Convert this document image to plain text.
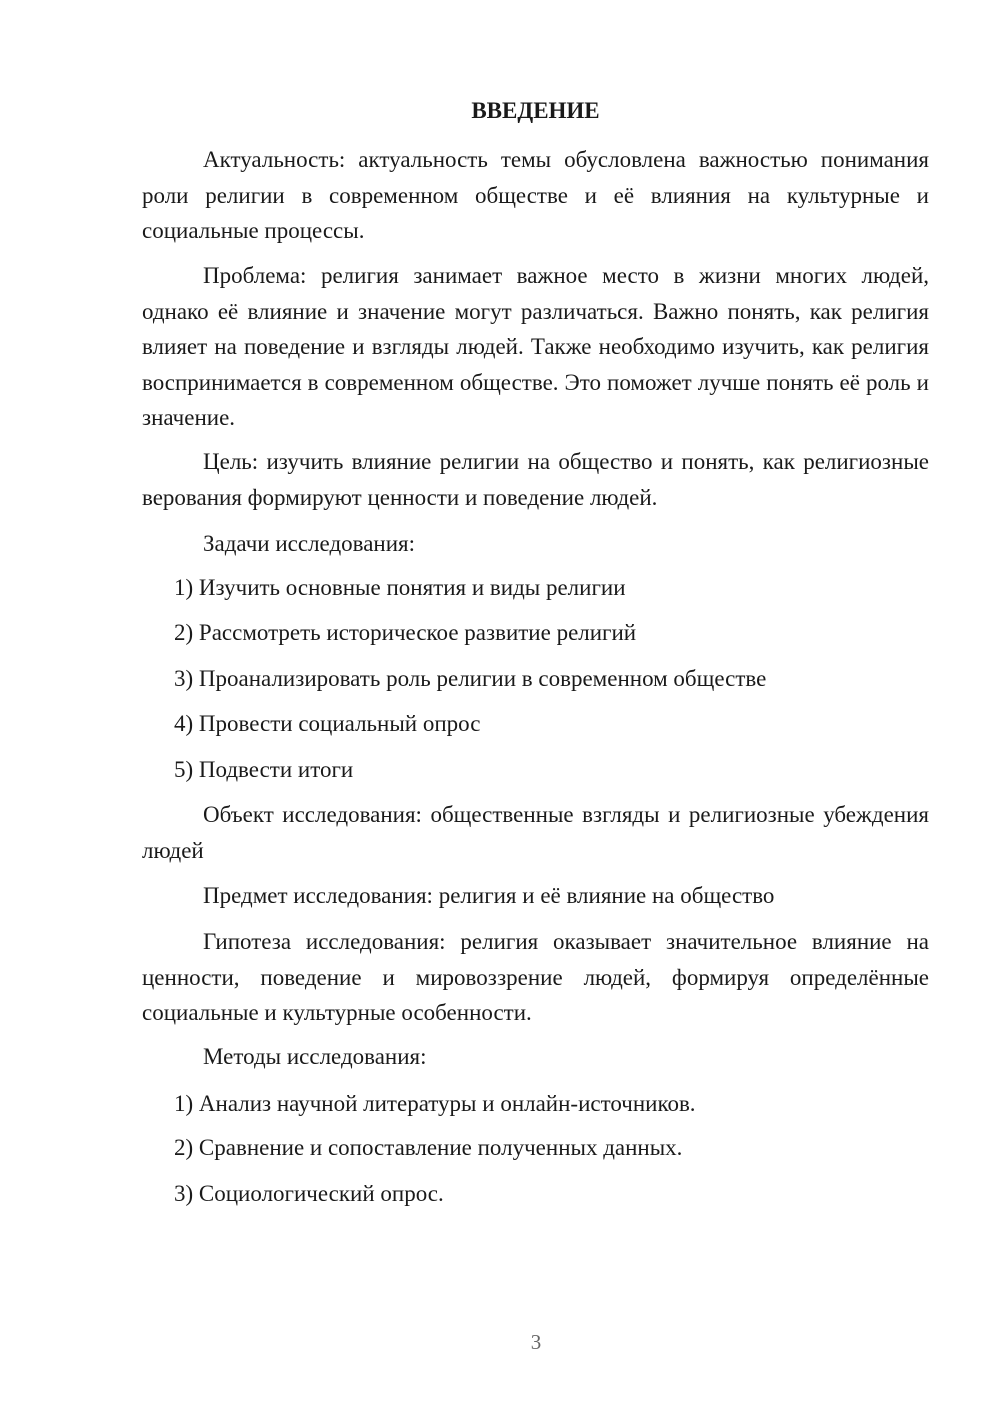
ВВЕДЕНИЕ

Актуальность: актуальность темы обусловлена важностью понимания роли религии в современном обществе и её влияния на культурные и социальные процессы.

Проблема: религия занимает важное место в жизни многих людей, однако её влияние и значение могут различаться. Важно понять, как религия влияет на поведение и взгляды людей. Также необходимо изучить, как религия воспринимается в современном обществе. Это поможет лучше понять её роль и значение.

Цель: изучить влияние религии на общество и понять, как религиозные верования формируют ценности и поведение людей.

Задачи исследования:
1) Изучить основные понятия и виды религии
2) Рассмотреть историческое развитие религий
3) Проанализировать роль религии в современном обществе
4) Провести социальный опрос
5) Подвести итоги

Объект исследования: общественные взгляды и религиозные убеждения людей

Предмет исследования: религия и её влияние на общество

Гипотеза исследования: религия оказывает значительное влияние на ценности, поведение и мировоззрение людей, формируя определённые социальные и культурные особенности.

Методы исследования:
1) Анализ научной литературы и онлайн-источников.
2) Сравнение и сопоставление полученных данных.
3) Социологический опрос.
3
